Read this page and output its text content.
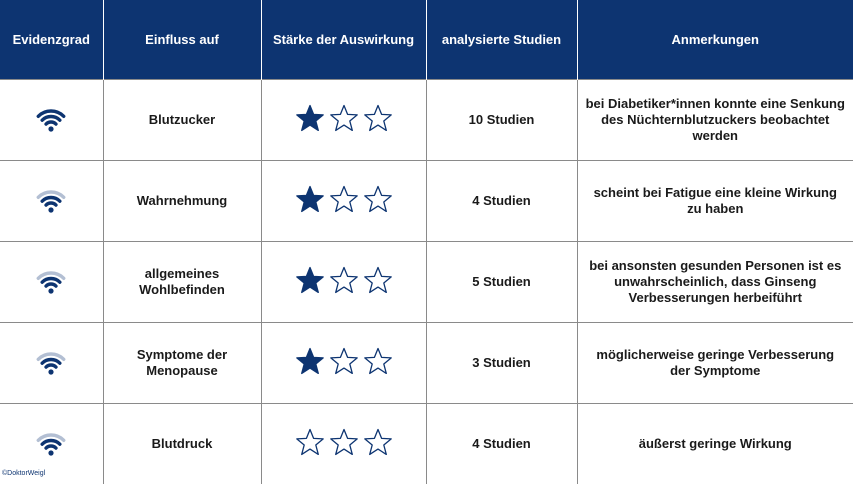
Evidenzgrad	Einfluss auf	Stärke der Auswirkung	analysierte Studien	Anmerkungen

	Blutzucker		10 Studien	bei Diabetiker*innen konnte eine Senkung des Nüchternblutzuckers beobachtet werden

	Wahrnehmung		4 Studien	scheint bei Fatigue eine kleine Wirkung zu haben

	allgemeines Wohlbefinden		5 Studien	bei ansonsten gesunden Personen ist es unwahrscheinlich, dass Ginseng Verbesserungen herbeiführt

	Symptome der Menopause		3 Studien	möglicherweise geringe Verbesserung der Symptome

	Blutdruck		4 Studien	äußerst geringe Wirkung
©DoktorWeigl
